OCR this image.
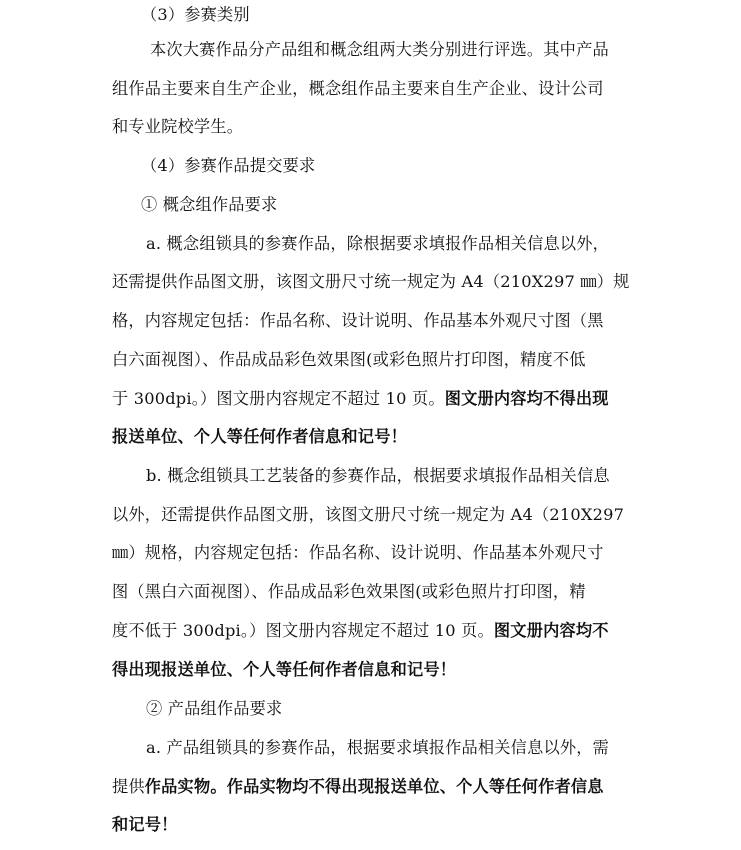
（3）参赛类别
本次大赛作品分产品组和概念组两大类分别进行评选。其中产品
组作品主要来自生产企业，概念组作品主要来自生产企业、设计公司
和专业院校学生。
（4）参赛作品提交要求
① 概念组作品要求
a. 概念组锁具的参赛作品，除根据要求填报作品相关信息以外，
还需提供作品图文册，该图文册尺寸统一规定为 A4（210X297 ㎜）规
格，内容规定包括：作品名称、设计说明、作品基本外观尺寸图（黑
白六面视图）、作品成品彩色效果图(或彩色照片打印图，精度不低
于 300dpi。）图文册内容规定不超过 10 页。图文册内容均不得出现
报送单位、个人等任何作者信息和记号！
b. 概念组锁具工艺装备的参赛作品，根据要求填报作品相关信息
以外，还需提供作品图文册，该图文册尺寸统一规定为 A4（210X297
㎜）规格，内容规定包括：作品名称、设计说明、作品基本外观尺寸
图（黑白六面视图）、作品成品彩色效果图(或彩色照片打印图，精
度不低于 300dpi。）图文册内容规定不超过 10 页。图文册内容均不
得出现报送单位、个人等任何作者信息和记号！
② 产品组作品要求
a. 产品组锁具的参赛作品，根据要求填报作品相关信息以外，需
提供作品实物。作品实物均不得出现报送单位、个人等任何作者信息
和记号！
